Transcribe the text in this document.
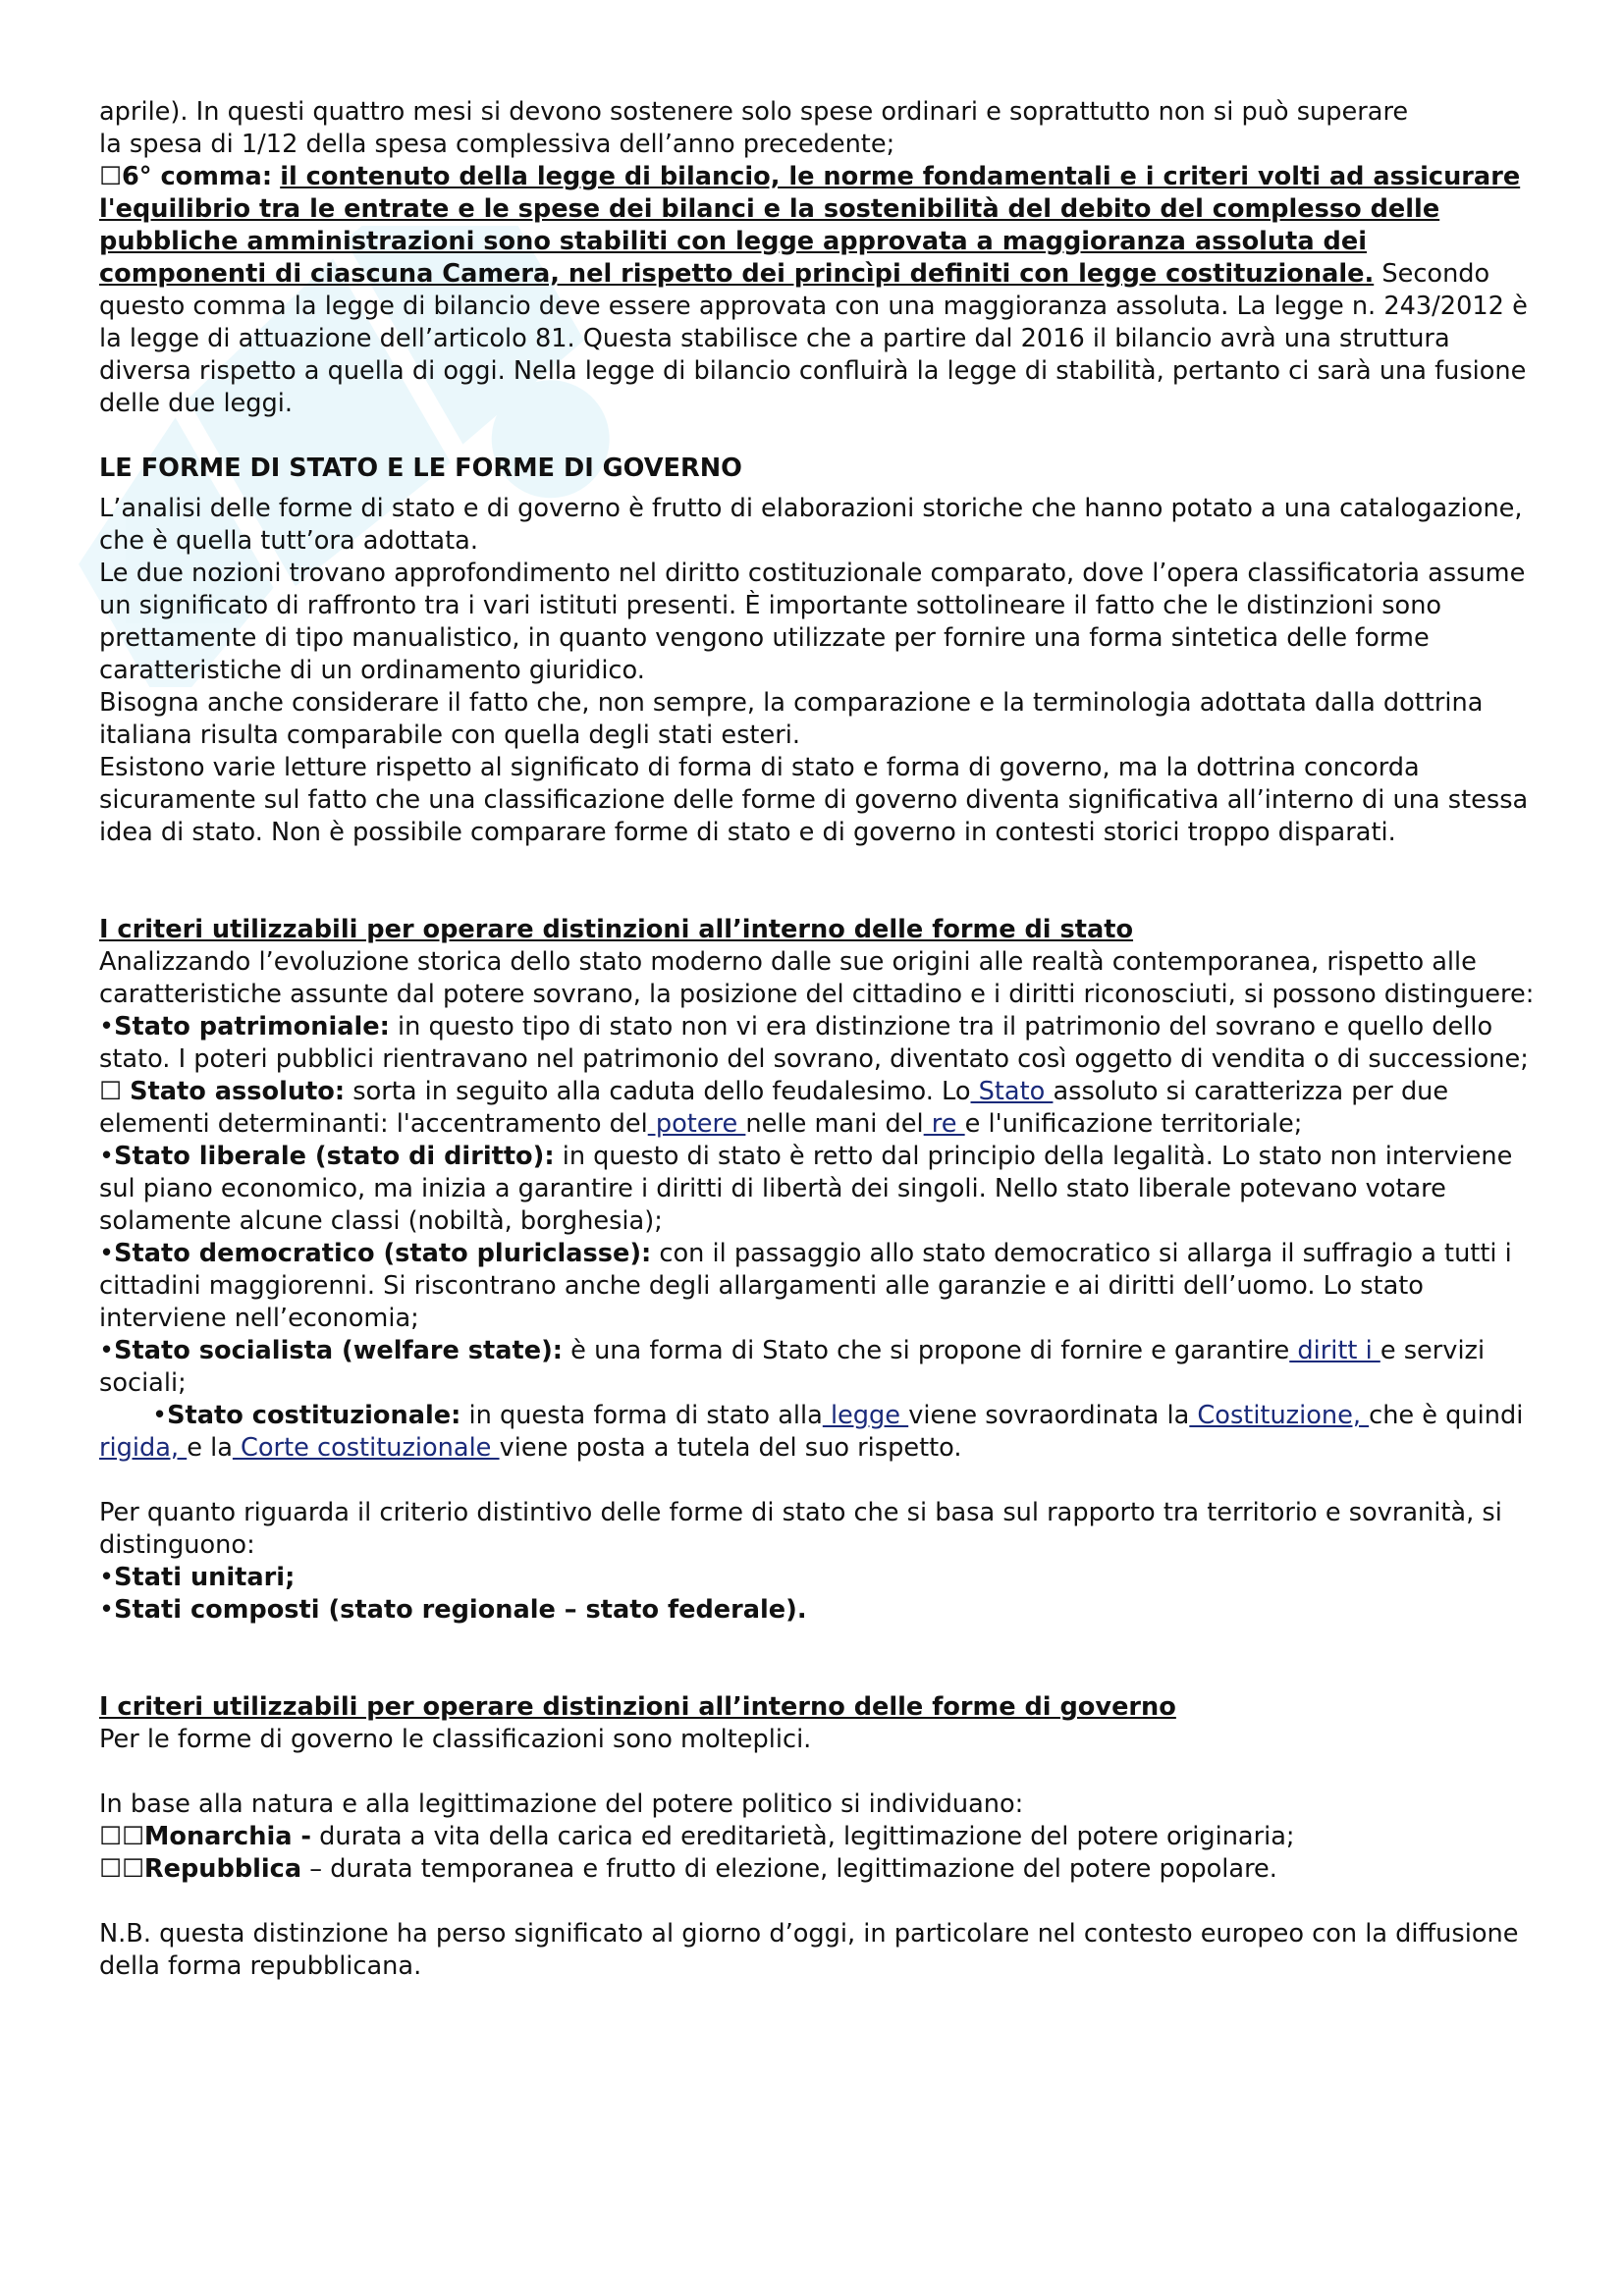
aprile). In questi quattro mesi si devono sostenere solo spese ordinari e soprattutto non si può superare
la spesa di 1/12 della spesa complessiva dell’anno precedente;

☐6° comma: il contenuto della legge di bilancio, le norme fondamentali e i criteri volti ad assicurare l'equilibrio tra le entrate e le spese dei bilanci e la sostenibilità del debito del complesso delle pubbliche amministrazioni sono stabiliti con legge approvata a maggioranza assoluta dei componenti di ciascuna Camera, nel rispetto dei princìpi definiti con legge costituzionale. Secondo questo comma la legge di bilancio deve essere approvata con una maggioranza assoluta. La legge n. 243/2012 è la legge di attuazione dell’articolo 81. Questa stabilisce che a partire dal 2016 il bilancio avrà una struttura diversa rispetto a quella di oggi. Nella legge di bilancio confluirà la legge di stabilità, pertanto ci sarà una fusione delle due leggi.

LE FORME DI STATO E LE FORME DI GOVERNO

L’analisi delle forme di stato e di governo è frutto di elaborazioni storiche che hanno potato a una catalogazione, che è quella tutt’ora adottata.

Le due nozioni trovano approfondimento nel diritto costituzionale comparato, dove l’opera classificatoria assume un significato di raffronto tra i vari istituti presenti. È importante sottolineare il fatto che le distinzioni sono prettamente di tipo manualistico, in quanto vengono utilizzate per fornire una forma sintetica delle forme caratteristiche di un ordinamento giuridico.

Bisogna anche considerare il fatto che, non sempre, la comparazione e la terminologia adottata dalla dottrina italiana risulta comparabile con quella degli stati esteri.

Esistono varie letture rispetto al significato di forma di stato e forma di governo, ma la dottrina concorda sicuramente sul fatto che una classificazione delle forme di governo diventa significativa all’interno di una stessa idea di stato. Non è possibile comparare forme di stato e di governo in contesti storici troppo disparati.

I criteri utilizzabili per operare distinzioni all’interno delle forme di stato

Analizzando l’evoluzione storica dello stato moderno dalle sue origini alle realtà contemporanea, rispetto alle caratteristiche assunte dal potere sovrano, la posizione del cittadino e i diritti riconosciuti, si possono distinguere:

•Stato patrimoniale: in questo tipo di stato non vi era distinzione tra il patrimonio del sovrano e quello dello stato. I poteri pubblici rientravano nel patrimonio del sovrano, diventato così oggetto di vendita o di successione; ☐ Stato assoluto: sorta in seguito alla caduta dello feudalesimo. Lo Stato assoluto si caratterizza per due elementi determinanti: l'accentramento del potere nelle mani del re e l'unificazione territoriale;

•Stato liberale (stato di diritto): in questo di stato è retto dal principio della legalità. Lo stato non interviene sul piano economico, ma inizia a garantire i diritti di libertà dei singoli. Nello stato liberale potevano votare solamente alcune classi (nobiltà, borghesia);

•Stato democratico (stato pluriclasse): con il passaggio allo stato democratico si allarga il suffragio a tutti i cittadini maggiorenni. Si riscontrano anche degli allargamenti alle garanzie e ai diritti dell’uomo. Lo stato interviene nell’economia;

•Stato socialista (welfare state): è una forma di Stato che si propone di fornire e garantire diritt i e servizi sociali;

•Stato costituzionale: in questa forma di stato alla legge viene sovraordinata la Costituzione, che è quindi rigida, e la Corte costituzionale viene posta a tutela del suo rispetto.

Per quanto riguarda il criterio distintivo delle forme di stato che si basa sul rapporto tra territorio e sovranità, si distinguono:

•Stati unitari;

•Stati composti (stato regionale – stato federale).

I criteri utilizzabili per operare distinzioni all’interno delle forme di governo

Per le forme di governo le classificazioni sono molteplici.

In base alla natura e alla legittimazione del potere politico si individuano:

☐☐Monarchia - durata a vita della carica ed ereditarietà, legittimazione del potere originaria;

☐☐Repubblica – durata temporanea e frutto di elezione, legittimazione del potere popolare.

N.B. questa distinzione ha perso significato al giorno d’oggi, in particolare nel contesto europeo con la diffusione della forma repubblicana.
